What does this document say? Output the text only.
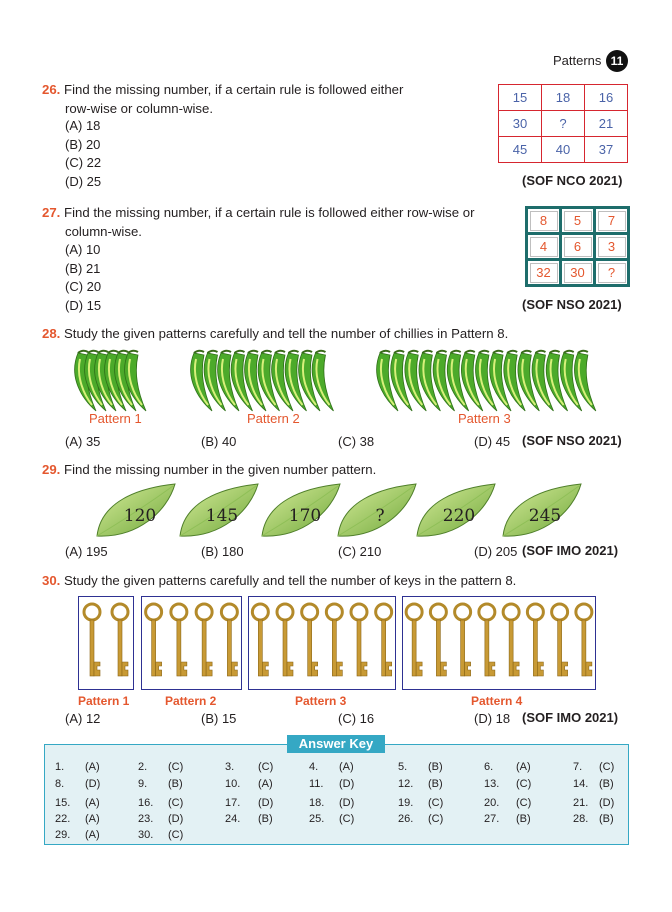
Patterns 11
26. Find the missing number, if a certain rule is followed either
row-wise or column-wise.
(A) 18
(B) 20
(C) 22
(D) 25
15	18	16
30	?	21
45	40	37
(SOF NCO 2021)
27. Find the missing number, if a certain rule is followed either row-wise or
column-wise.
(A) 10
(B) 21
(C) 20
(D) 15
8	5	7
4	6	3
32	30	?
(SOF NSO 2021)
28. Study the given patterns carefully and tell the number of chillies in Pattern 8.
Pattern 1	Pattern 2	Pattern 3
(A) 35	(B) 40	(C) 38	(D) 45 (SOF NSO 2021)
29. Find the missing number in the given number pattern.
120	145	170	?	220	245
(A) 195	(B) 180	(C) 210	(D) 205 (SOF IMO 2021)
30. Study the given patterns carefully and tell the number of keys in the pattern 8.
Pattern 1	Pattern 2	Pattern 3	Pattern 4
(A) 12	(B) 15	(C) 16	(D) 18 (SOF IMO 2021)
Answer Key
1. (A)	2. (C)	3. (C)	4. (A)	5. (B)	6. (A)	7. (C)
8. (D)	9. (B)	10. (A)	11. (D)	12. (B)	13. (C)	14. (B)
15. (A)	16. (C)	17. (D)	18. (D)	19. (C)	20. (C)	21. (D)
22. (A)	23. (D)	24. (B)	25. (C)	26. (C)	27. (B)	28. (B)
29. (A)	30. (C)
